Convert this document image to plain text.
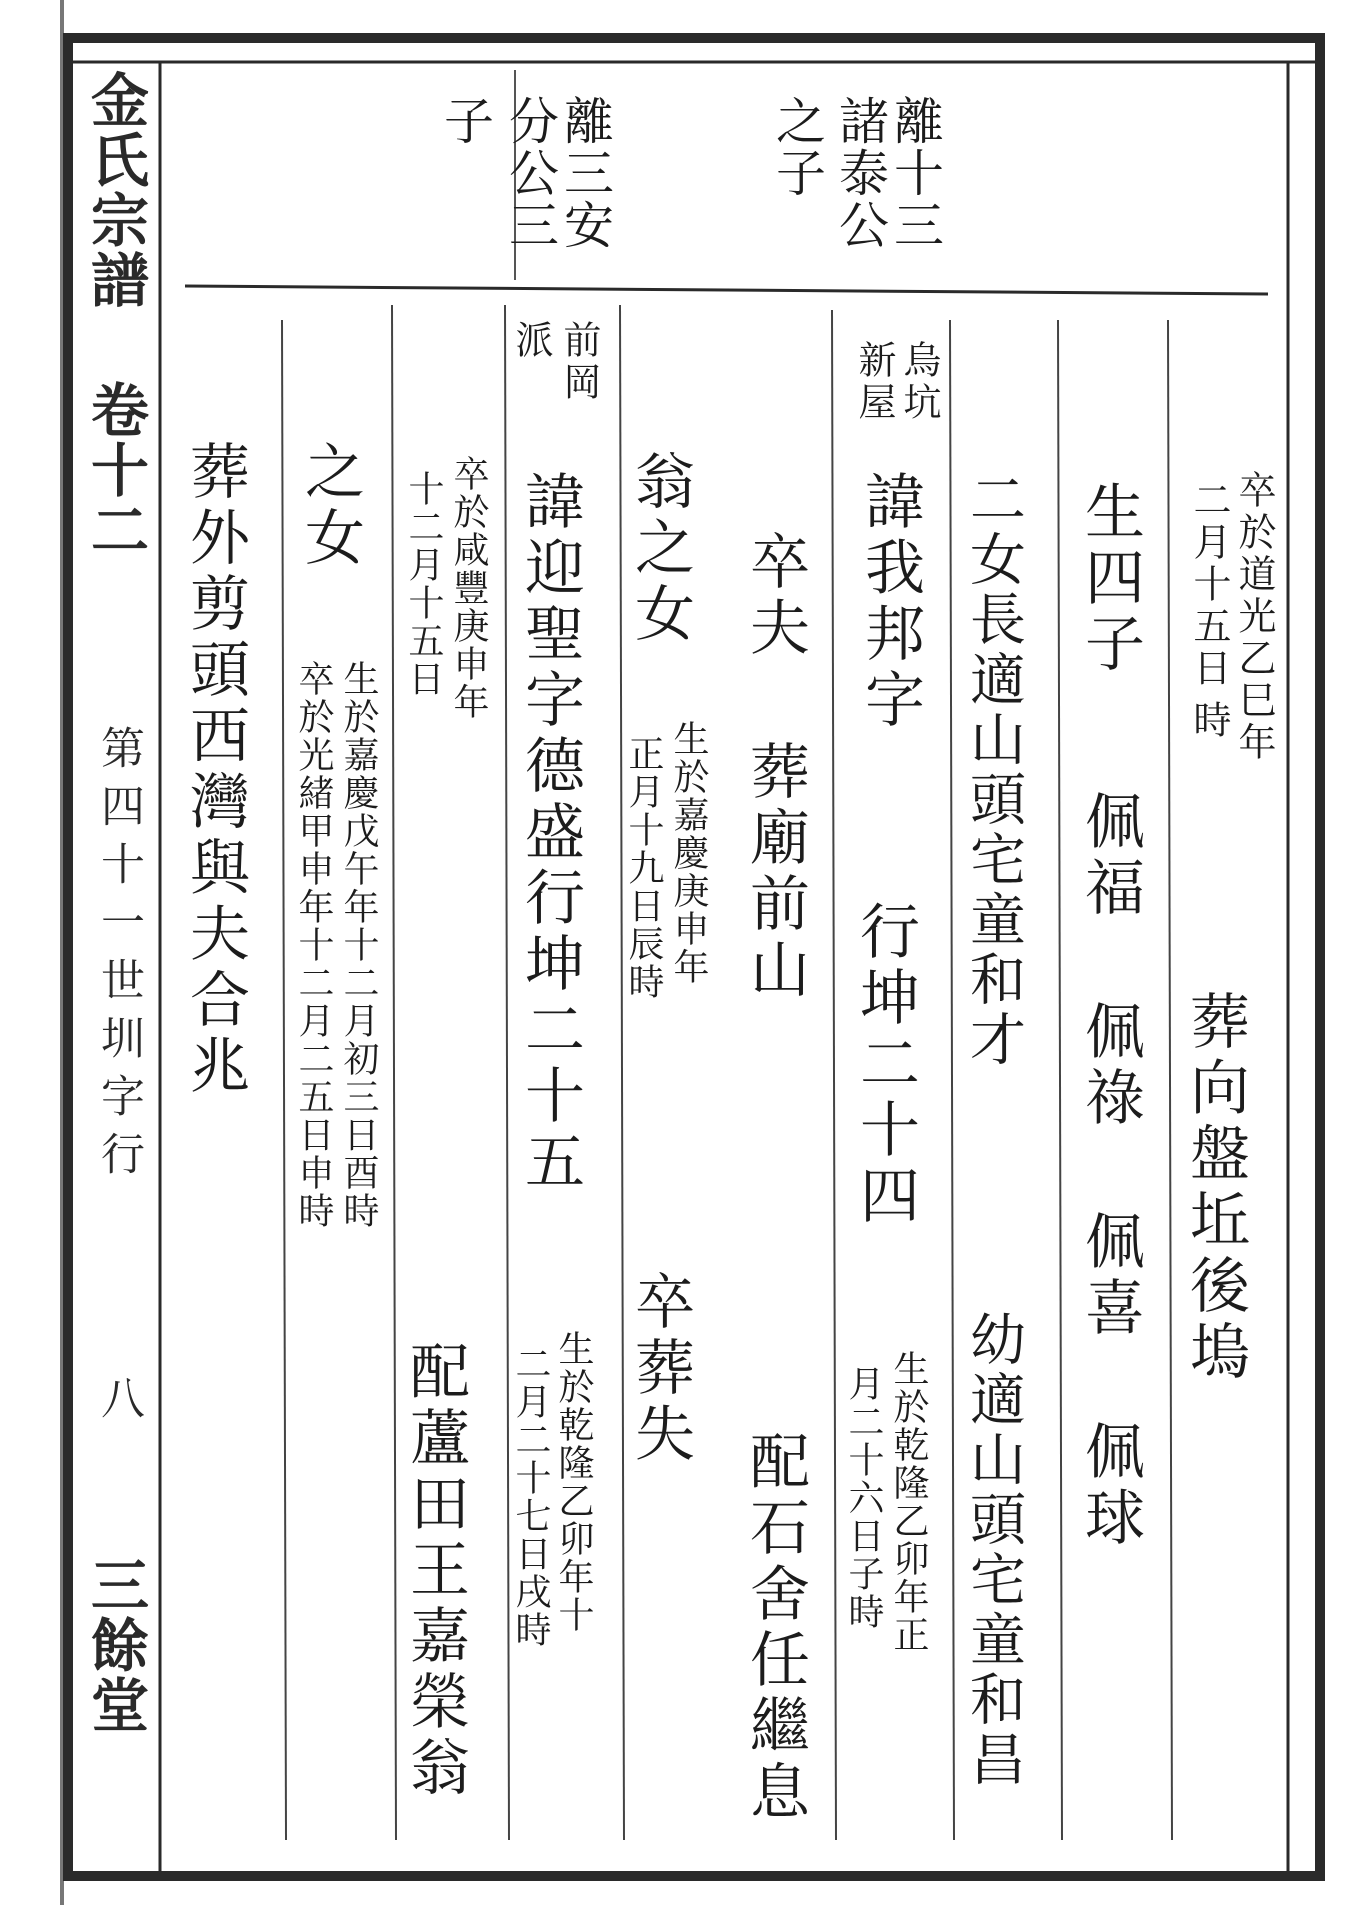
金氏宗譜 卷十二
第四十一世圳字行
八
三餘堂
離十三
諸泰公
之子
離三安
分公三
子
卒於道光乙巳年
二月十五日
時
葬向盤坵後塢
生四子
佩福
佩祿
佩喜
佩球
二女長適山頭宅童和才
幼適山頭宅童和昌
烏坑
新屋
諱我邦字
行坤二十四
生於乾隆乙卯年正
月二十六日子時
卒夫
葬廟前山
配石舍任繼息
翁之女
生於嘉慶庚申年
正月十九日辰時
卒葬失
前岡
派
諱迎聖字德盛行坤二十五
生於乾隆乙卯年十
二月二十七日戌時
卒於咸豐庚申年
十二月十五日
配蘆田王嘉榮翁
之女
生於嘉慶戊午年十二月初三日酉時
卒於光緒甲申年十二月二五日申時
葬外剪頭西灣與夫合兆
